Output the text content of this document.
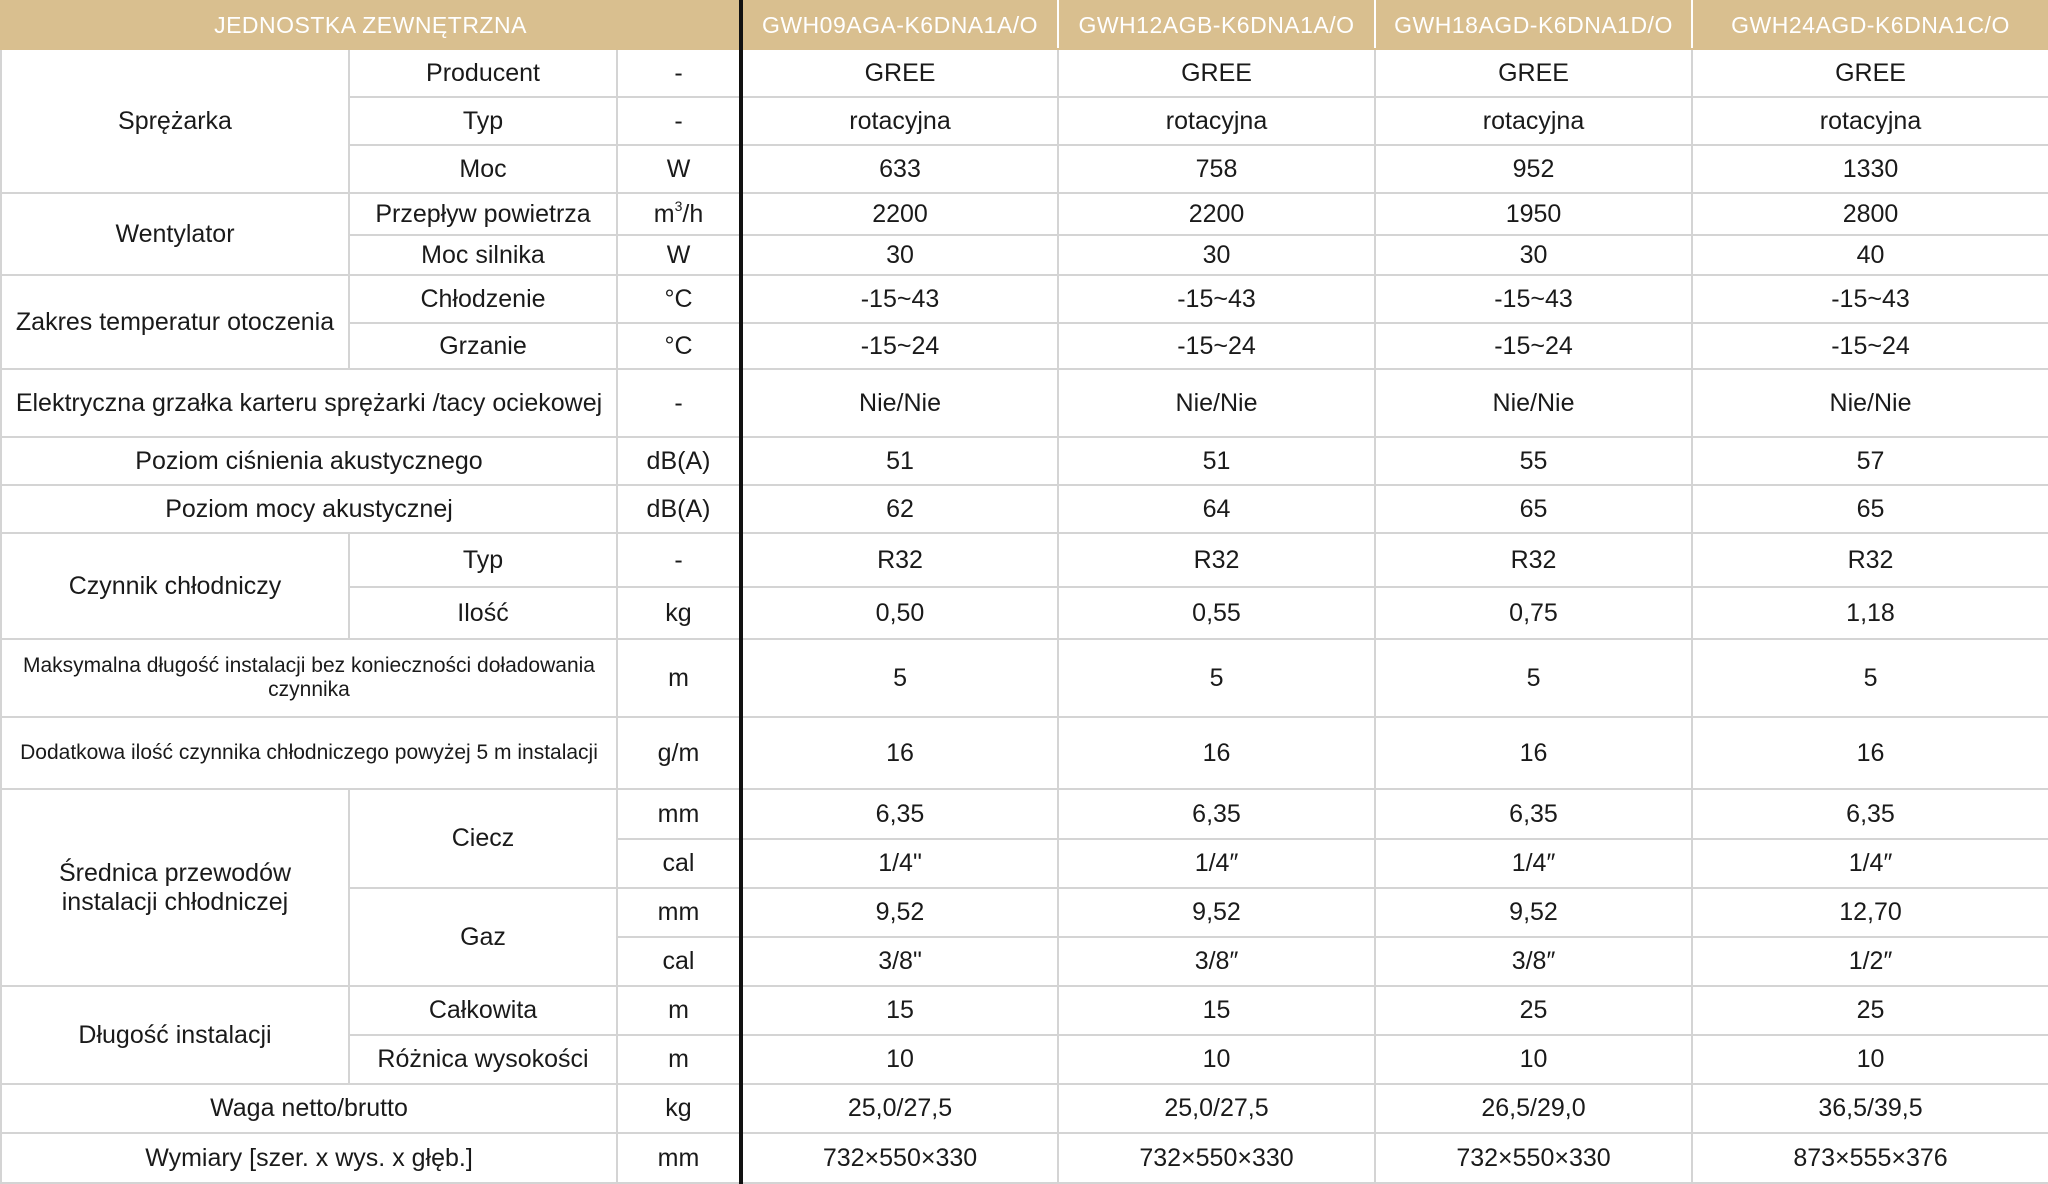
JEDNOSTKA ZEWNĘTRZNA			GWH09AGA-K6DNA1A/O	GWH12AGB-K6DNA1A/O	GWH18AGD-K6DNA1D/O	GWH24AGD-K6DNA1C/O
Sprężarka	Producent	-	GREE	GREE	GREE	GREE
	Typ	-	rotacyjna	rotacyjna	rotacyjna	rotacyjna
	Moc	W	633	758	952	1330
Wentylator	Przepływ powietrza	$m^3/h$	2200	2200	1950	2800
	Moc silnika	W	30	30	30	40
Zakres temperatur otoczenia	Chłodzenie	°C	-15~43	-15~43	-15~43	-15~43
	Grzanie	°C	-15~24	-15~24	-15~24	-15~24
Elektryczna grzałka karteru sprężarki /tacy ociekowej		-	Nie/Nie	Nie/Nie	Nie/Nie	Nie/Nie
Poziom ciśnienia akustycznego		dB(A)	51	51	55	57
Poziom mocy akustycznej		dB(A)	62	64	65	65
Czynnik chłodniczy	Typ	-	R32	R32	R32	R32
	Ilość	kg	0,50	0,55	0,75	1,18
Maksymalna długość instalacji bez konieczności doładowania czynnika		m	5	5	5	5
Dodatkowa ilość czynnika chłodniczego powyżej 5 m instalacji		g/m	16	16	16	16
Średnica przewodów instalacji chłodniczej	Ciecz	mm	6,35	6,35	6,35	6,35
		cal	1/4"	1/4″	1/4″	1/4″
	Gaz	mm	9,52	9,52	9,52	12,70
		cal	3/8"	3/8″	3/8″	1/2″
Długość instalacji	Całkowita	m	15	15	25	25
	Różnica wysokości	m	10	10	10	10
Waga netto/brutto		kg	25,0/27,5	25,0/27,5	26,5/29,0	36,5/39,5
Wymiary [szer. x wys. x głęb.]		mm	732×550×330	732×550×330	732×550×330	873×555×376
